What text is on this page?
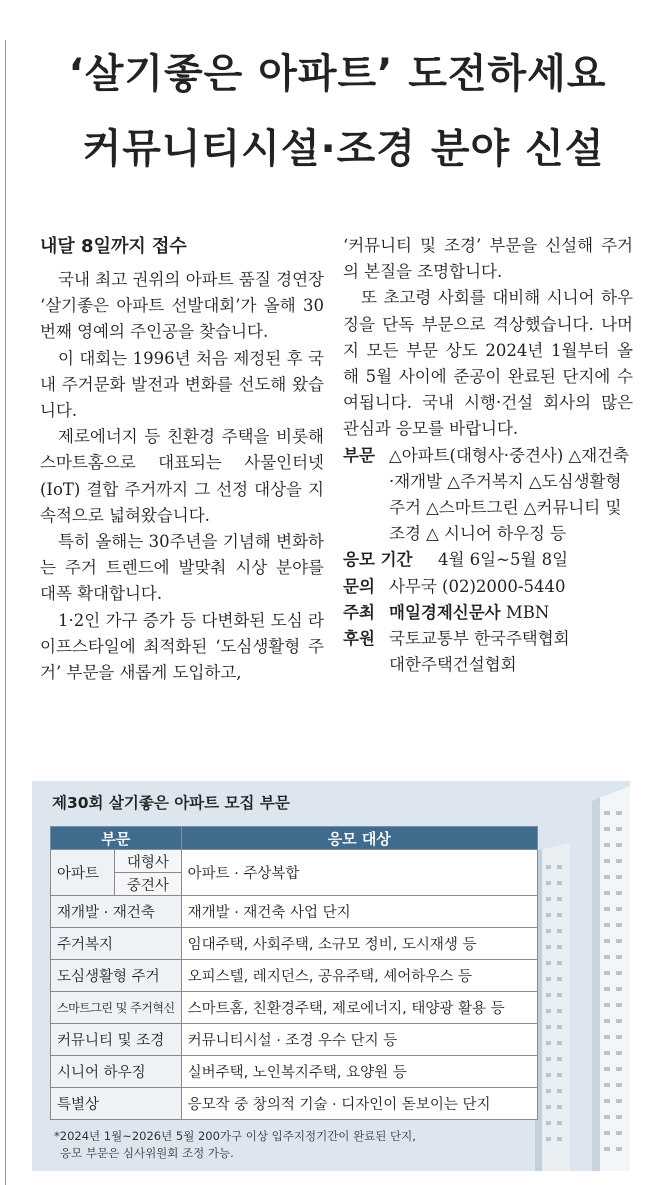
‘살기좋은 아파트’ 도전하세요
커뮤니티시설·조경 분야 신설
내달 8일까지 접수

국내 최고 권위의 아파트 품질 경연장 ‘살기좋은 아파트 선발대회’가 올해 30번째 영예의 주인공을 찾습니다.

이 대회는 1996년 처음 제정된 후 국내 주거문화 발전과 변화를 선도해 왔습니다.

제로에너지 등 친환경 주택을 비롯해 스마트홈으로 대표되는 사물인터넷(IoT) 결합 주거까지 그 선정 대상을 지속적으로 넓혀왔습니다.

특히 올해는 30주년을 기념해 변화하는 주거 트렌드에 발맞춰 시상 분야를 대폭 확대합니다.

1·2인 가구 증가 등 다변화된 도심 라이프스타일에 최적화된 ‘도심생활형 주거’ 부문을 새롭게 도입하고,

‘커뮤니티 및 조경’ 부문을 신설해 주거의 본질을 조명합니다.

또 초고령 사회를 대비해 시니어 하우징을 단독 부문으로 격상했습니다. 나머지 모든 부문 상도 2024년 1월부터 올해 5월 사이에 준공이 완료된 단지에 수여됩니다. 국내 시행·건설 회사의 많은 관심과 응모를 바랍니다.

부문 △아파트(대형사·중견사) △재건축·재개발 △주거복지 △도심생활형 주거 △스마트그린 △커뮤니티 및 조경 △ 시니어 하우징 등
응모 기간	4월 6일~5월 8일
문의 사무국 (02)2000-5440
주최 매일경제신문사 MBN
후원 국토교통부 한국주택협회
대한주택건설협회
제30회 살기좋은 아파트 모집 부문
부문		응모 대상
아파트	대형사	아파트 · 주상복합
	중견사	
재개발 · 재건축		재개발 · 재건축 사업 단지
주거복지		임대주택, 사회주택, 소규모 정비, 도시재생 등
도심생활형 주거		오피스텔, 레지던스, 공유주택, 셰어하우스 등
스마트그린 및 주거혁신		스마트홈, 친환경주택, 제로에너지, 태양광 활용 등
커뮤니티 및 조경		커뮤니티시설 · 조경 우수 단지 등
시니어 하우징		실버주택, 노인복지주택, 요양원 등
특별상		응모작 중 창의적 기술 · 디자인이 돋보이는 단지
*2024년 1월~2026년 5월 200가구 이상 입주지정기간이 완료된 단지,
응모 부문은 심사위원회 조정 가능.
